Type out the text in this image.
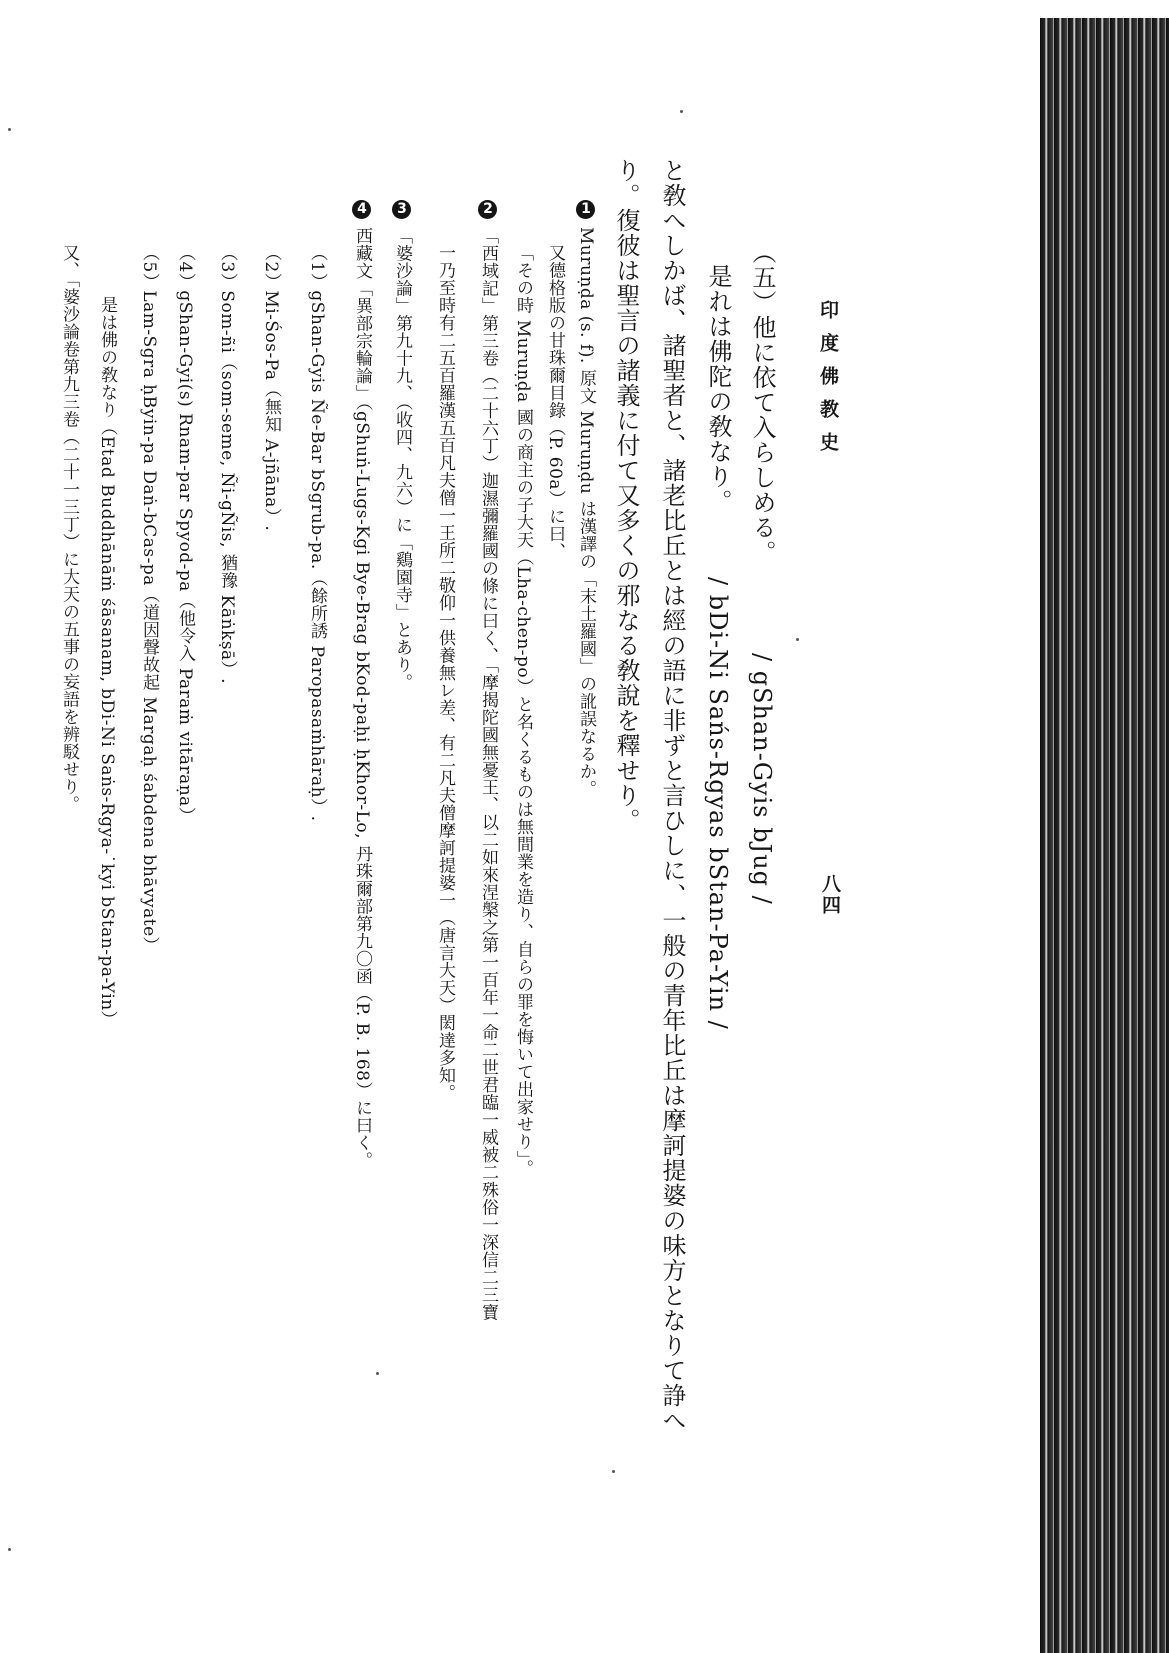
印度佛教史
八四
（五）他に依て入らしめる。　　　　/ gShan-Gyis bJug /
是れは佛陀の敎なり。　　　/ bDi-Ni Sańs-Rgyas bStan-Pa-Yin /
と敎へしかば、諸聖者と、諸老比丘とは經の語に非ずと言ひしに、一般の青年比丘は摩訶提婆の味方となりて諍へ
り。復彼は聖言の諸義に付て又多くの邪なる敎說を釋せり。
1Muruṇḍa (s. f). 原文 Muruṇḍu は漢譯の「末土羅國」の訛誤なるか。
又德格版の甘珠爾目錄（P. 60a）に曰、
「その時 Muruṇḍa 國の商主の子大天（Lha-chen-po）と名くるものは無間業を造り、自らの罪を悔いて出家せり」。
2「西域記」第三卷（二十六丁）迦濕彌羅國の條に曰く、「摩揭陀國無憂王、以二如來涅槃之第一百年一命二世君臨一威被二殊俗一深信二三寶
一乃至時有二五百羅漢五百凡夫僧一王所二敬仰一供養無レ差、有二凡夫僧摩訶提婆一（唐言大天）閎達多知。
3「婆沙論」第九十九、（收四、九六）に「鷄園寺」とあり。
4西藏文「異部宗輪論」（gShuṅ-Lugs-Kgi Bye-Brag bKod-paḥi ḥKhor-Lo, 丹珠爾部第九〇函（P. B. 168）に曰く。
（1）gShan-Gyis Ñe-Bar bSgrub-pa.（餘所誘 Paropasaṁhāraḥ）.
（2）Mi-Śos-Pa（無知 A-jñāna）.
（3）Som-ñi（som-seme, Ñi-gÑis, 猶豫 Kāṅkṣā）.
（4）gShan-Gyi(s) Rnam-par Spyod-pa（他令入 Paraṁ vitāraṇa）
（5）Lam-Sgra ḥByin-pa Daṅ-bCas-pa（道因聲故起 Margaḥ śabdena bhāvyate）
是は佛の敎なり（Etad Buddhānāṁ śāsanam, bDi-Ni Saṅs-Rgya-˙kyi bStan-pa-Yin）
又、「婆沙論卷第九三卷（二十一三丁）に大天の五事の妄語を辨駁せり。
